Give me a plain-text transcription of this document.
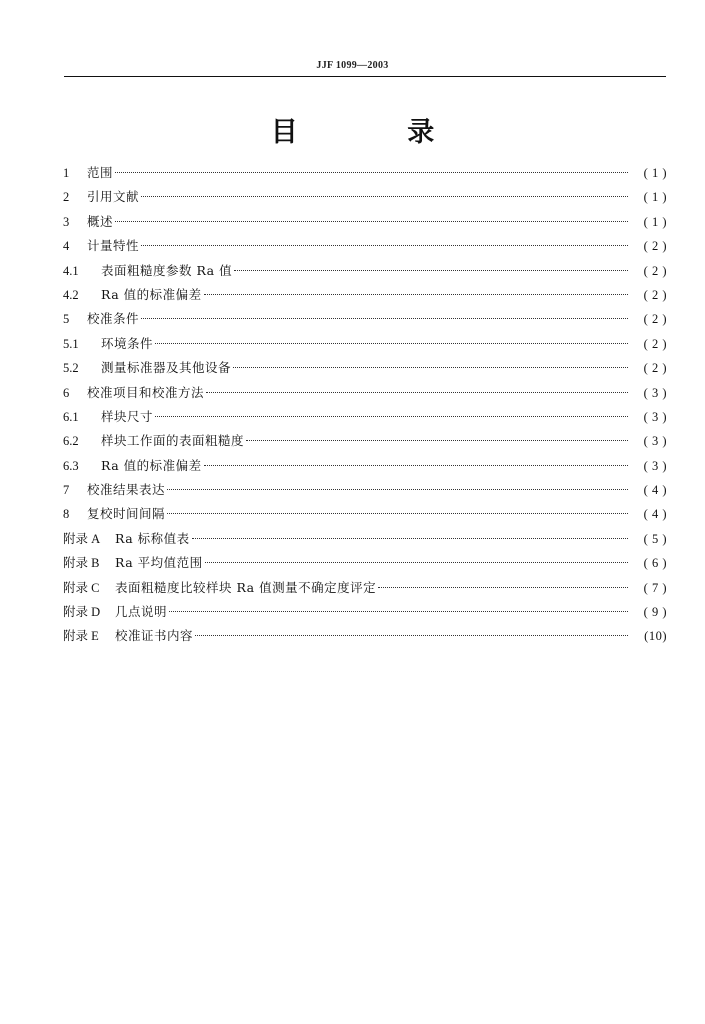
JJF 1099—2003
目 录
1	范围	( 1 )
2	引用文献	( 1 )
3	概述	( 1 )
4	计量特性	( 2 )
4.1	表面粗糙度参数 Ra 值	( 2 )
4.2	Ra 值的标准偏差	( 2 )
5	校准条件	( 2 )
5.1	环境条件	( 2 )
5.2	测量标准器及其他设备	( 2 )
6	校准项目和校准方法	( 3 )
6.1	样块尺寸	( 3 )
6.2	样块工作面的表面粗糙度	( 3 )
6.3	Ra 值的标准偏差	( 3 )
7	校准结果表达	( 4 )
8	复校时间间隔	( 4 )
附录 A	Ra 标称值表	( 5 )
附录 B	Ra 平均值范围	( 6 )
附录 C	表面粗糙度比较样块 Ra 值测量不确定度评定	( 7 )
附录 D	几点说明	( 9 )
附录 E	校准证书内容	(10)
